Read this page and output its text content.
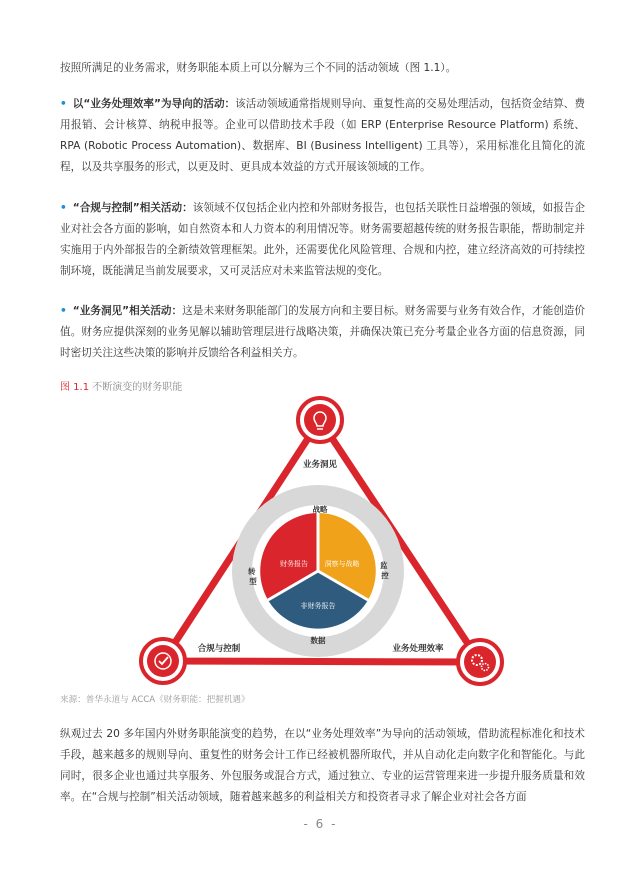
按照所满足的业务需求，财务职能本质上可以分解为三个不同的活动领域（图 1.1）。

• 以“业务处理效率”为导向的活动：该活动领域通常指规则导向、重复性高的交易处理活动，包括资金结算、费用报销、会计核算、纳税申报等。企业可以借助技术手段（如 ERP (Enterprise Resource Platform) 系统、RPA (Robotic Process Automation)、数据库、BI (Business Intelligent) 工具等），采用标准化且简化的流程，以及共享服务的形式，以更及时、更具成本效益的方式开展该领域的工作。

• “合规与控制”相关活动：该领域不仅包括企业内控和外部财务报告，也包括关联性日益增强的领域，如报告企业对社会各方面的影响，如自然资本和人力资本的利用情况等。财务需要超越传统的财务报告职能，帮助制定并实施用于内外部报告的全新绩效管理框架。此外，还需要优化风险管理、合规和内控，建立经济高效的可持续控制环境，既能满足当前发展要求，又可灵活应对未来监管法规的变化。

• “业务洞见”相关活动：这是未来财务职能部门的发展方向和主要目标。财务需要与业务有效合作，才能创造价值。财务应提供深刻的业务见解以辅助管理层进行战略决策，并确保决策已充分考量企业各方面的信息资源，同时密切关注这些决策的影响并反馈给各利益相关方。

图 1.1 不断演变的财务职能
财务报告 洞察与战略
非财务报告
战略
监 控
数据
转 型
业务洞见
合规与控制	业务处理效率
来源：普华永道与 ACCA《财务职能：把握机遇》

纵观过去 20 多年国内外财务职能演变的趋势，在以“业务处理效率”为导向的活动领域，借助流程标准化和技术手段，越来越多的规则导向、重复性的财务会计工作已经被机器所取代，并从自动化走向数字化和智能化。与此同时，很多企业也通过共享服务、外包服务或混合方式，通过独立、专业的运营管理来进一步提升服务质量和效率。在“合规与控制”相关活动领域，随着越来越多的利益相关方和投资者寻求了解企业对社会各方面

- 6 -
